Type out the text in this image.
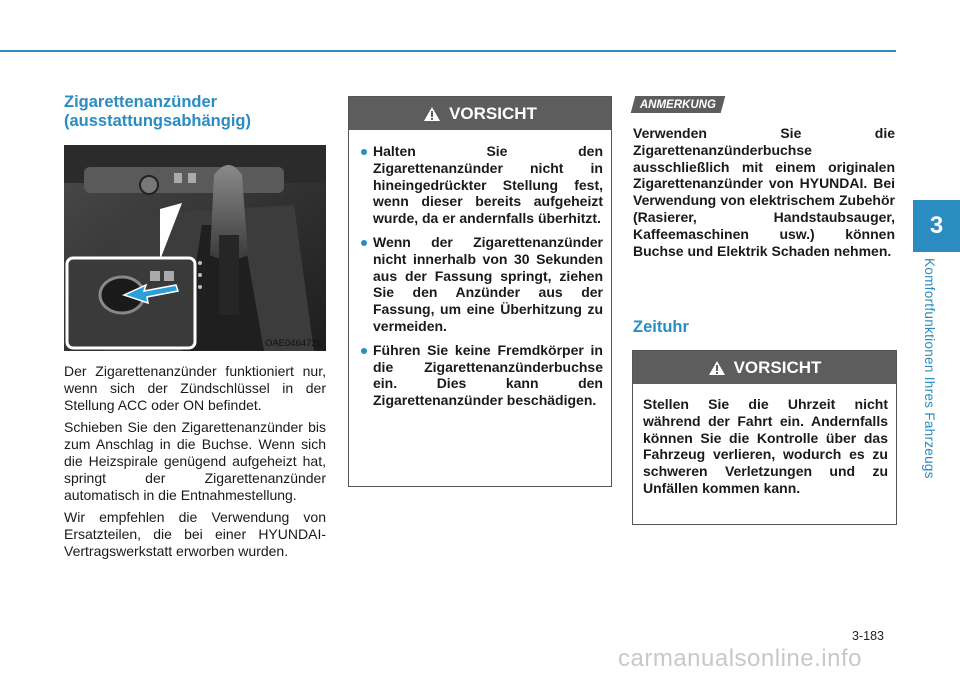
3
Komfortfunktionen Ihres Fahrzeugs

Zigarettenanzünder
(ausstattungsabhängig)

OAE046472L

Der Zigarettenanzünder funktioniert nur, wenn sich der Zündschlüssel in der Stellung ACC oder ON befindet.

Schieben Sie den Zigarettenanzünder bis zum Anschlag in die Buchse. Wenn sich die Heizspirale genügend aufgeheizt hat, springt der Zigarettenanzünder automatisch in die Entnahmestellung.

Wir empfehlen die Verwendung von Ersatzteilen, die bei einer HYUNDAI-Vertragswerkstatt erworben wurden.

VORSICHT
Halten Sie den Zigarettenanzünder nicht in hineingedrückter Stellung fest, wenn dieser bereits aufgeheizt wurde, da er andernfalls überhitzt.
Wenn der Zigarettenanzünder nicht innerhalb von 30 Sekunden aus der Fassung springt, ziehen Sie den Anzünder aus der Fassung, um eine Überhitzung zu vermeiden.
Führen Sie keine Fremdkörper in die Zigarettenanzünderbuchse ein. Dies kann den Zigarettenanzünder beschädigen.
ANMERKUNG
Verwenden Sie die Zigarettenanzünderbuchse ausschließlich mit einem originalen Zigarettenanzünder von HYUNDAI. Bei Verwendung von elektrischem Zubehör (Rasierer, Handstaubsauger, Kaffeemaschinen usw.) können Buchse und Elektrik Schaden nehmen.
Zeituhr
VORSICHT
Stellen Sie die Uhrzeit nicht während der Fahrt ein. Andernfalls können Sie die Kontrolle über das Fahrzeug verlieren, wodurch es zu schweren Verletzungen und zu Unfällen kommen kann.
3-183
carmanualsonline.info
